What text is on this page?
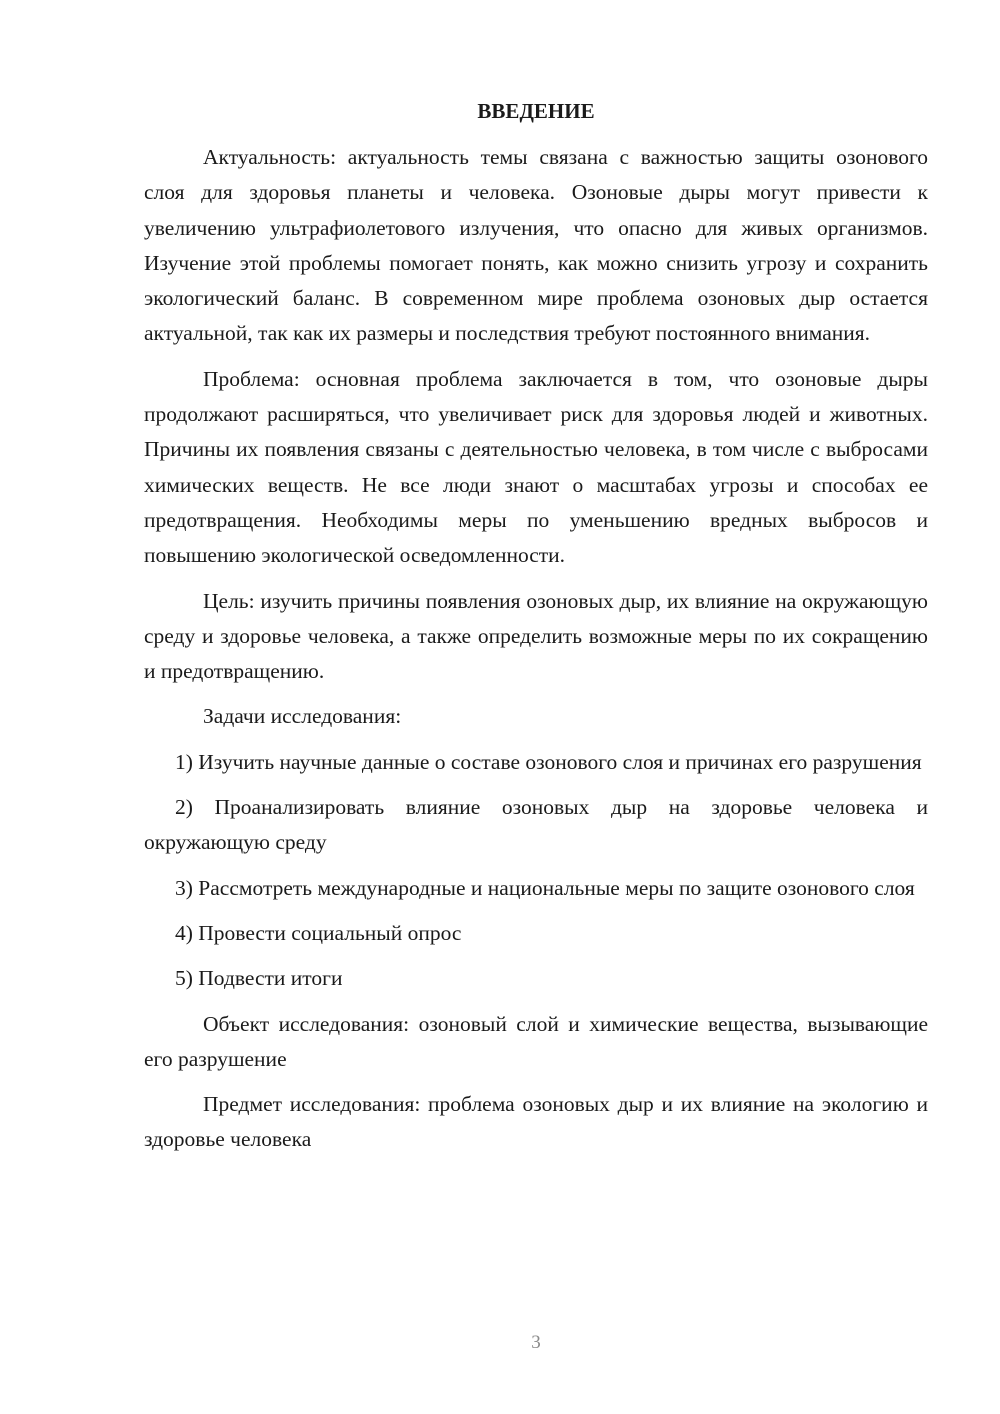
ВВЕДЕНИЕ

Актуальность: актуальность темы связана с важностью защиты озонового слоя для здоровья планеты и человека. Озоновые дыры могут привести к увеличению ультрафиолетового излучения, что опасно для живых организмов. Изучение этой проблемы помогает понять, как можно снизить угрозу и сохранить экологический баланс. В современном мире проблема озоновых дыр остается актуальной, так как их размеры и последствия требуют постоянного внимания.

Проблема: основная проблема заключается в том, что озоновые дыры продолжают расширяться, что увеличивает риск для здоровья людей и животных. Причины их появления связаны с деятельностью человека, в том числе с выбросами химических веществ. Не все люди знают о масштабах угрозы и способах ее предотвращения. Необходимы меры по уменьшению вредных выбросов и повышению экологической осведомленности.

Цель: изучить причины появления озоновых дыр, их влияние на окружающую среду и здоровье человека, а также определить возможные меры по их сокращению и предотвращению.

Задачи исследования:

1) Изучить научные данные о составе озонового слоя и причинах его разрушения

2) Проанализировать влияние озоновых дыр на здоровье человека и окружающую среду

3) Рассмотреть международные и национальные меры по защите озонового слоя

4) Провести социальный опрос

5) Подвести итоги

Объект исследования: озоновый слой и химические вещества, вызывающие его разрушение

Предмет исследования: проблема озоновых дыр и их влияние на экологию и здоровье человека

3
